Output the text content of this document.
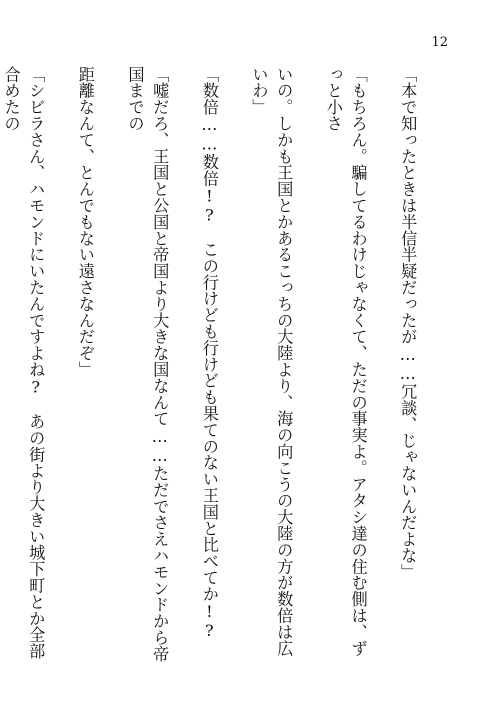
12

「本で知ったときは半信半疑だったが……冗談、じゃないんだよな」

「もちろん。騙してるわけじゃなくて、ただの事実よ。アタシ達の住む側は、ずっと小さ

いの。しかも王国とかあるこっちの大陸より、海の向こうの大陸の方が数倍は広いわ」

「数倍……数倍!?　この行けども行けども果てのない王国と比べてか!?

「嘘だろ、王国と公国と帝国より大きな国なんて……ただでさえハモンドから帝国までの

距離なんて、とんでもない遠さなんだぞ」

「シビラさん、ハモンドにいたんですよね?　あの街より大きい城下町とか全部合めたの
